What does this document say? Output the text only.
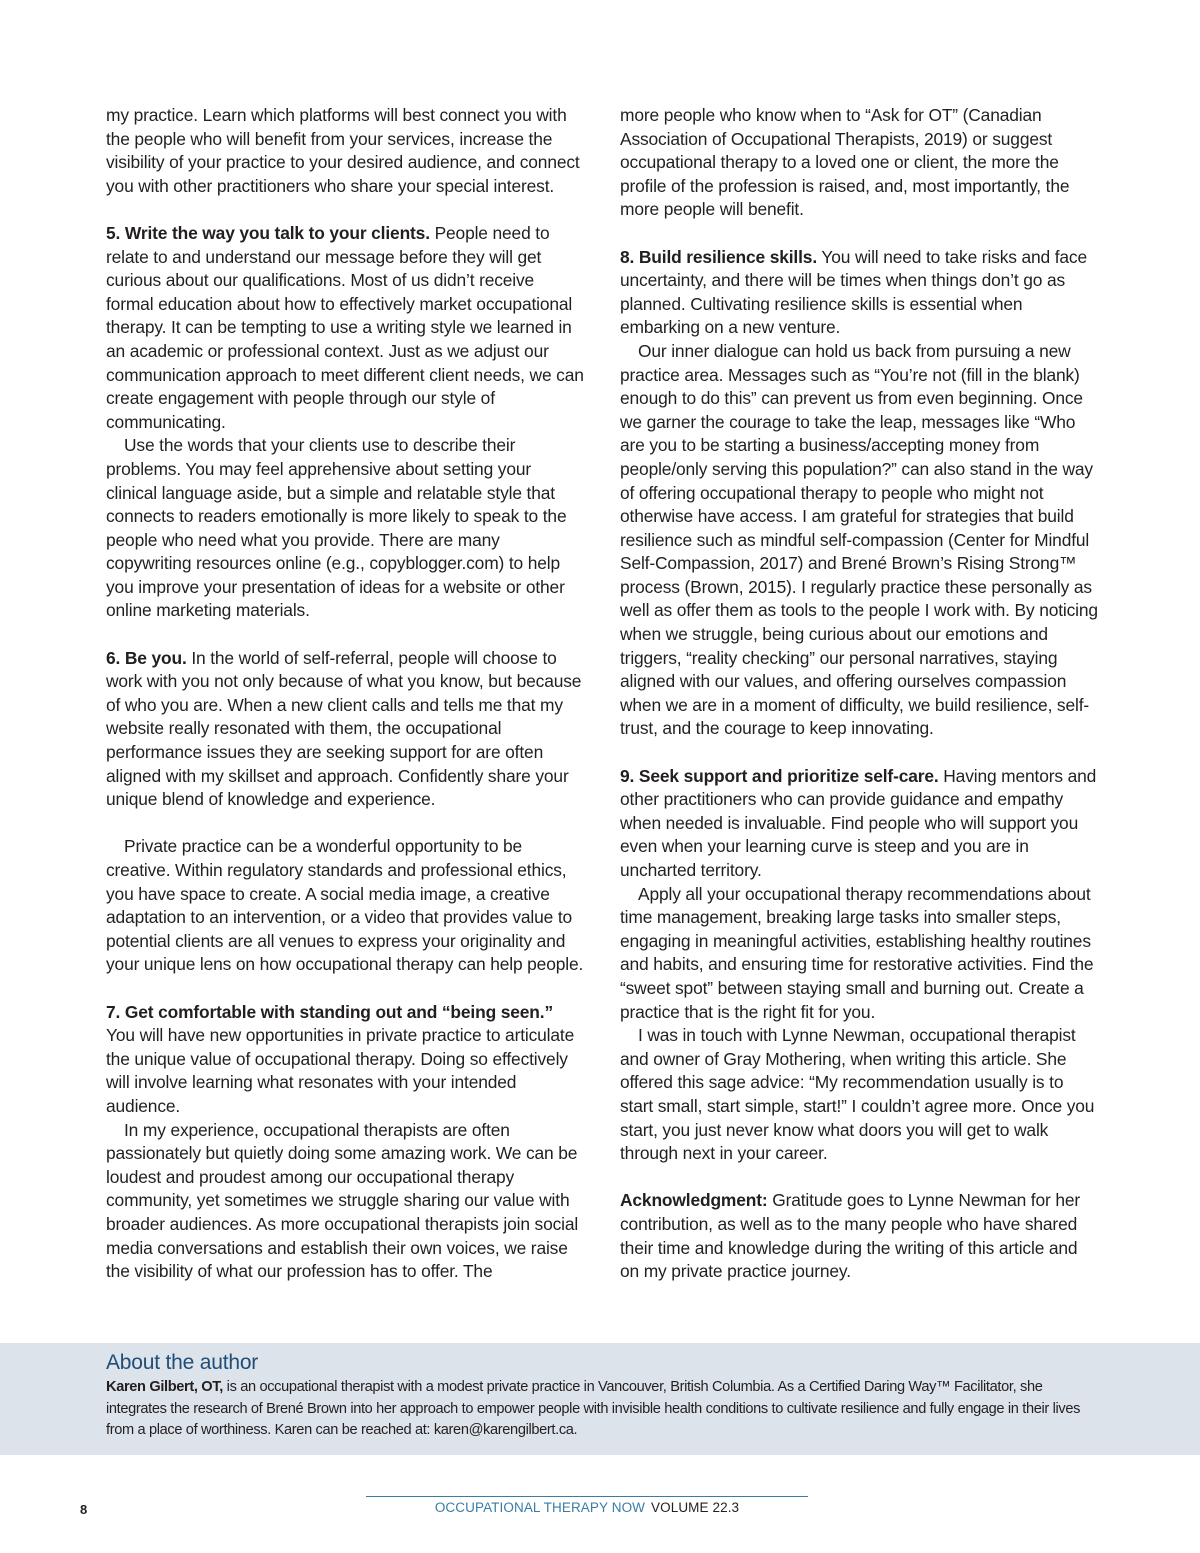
my practice. Learn which platforms will best connect you with the people who will benefit from your services, increase the visibility of your practice to your desired audience, and connect you with other practitioners who share your special interest.

5. Write the way you talk to your clients. People need to relate to and understand our message before they will get curious about our qualifications. Most of us didn’t receive formal education about how to effectively market occupational therapy. It can be tempting to use a writing style we learned in an academic or professional context. Just as we adjust our communication approach to meet different client needs, we can create engagement with people through our style of communicating.

Use the words that your clients use to describe their problems. You may feel apprehensive about setting your clinical language aside, but a simple and relatable style that connects to readers emotionally is more likely to speak to the people who need what you provide. There are many copywriting resources online (e.g., copyblogger.com) to help you improve your presentation of ideas for a website or other online marketing materials.

6. Be you. In the world of self-referral, people will choose to work with you not only because of what you know, but because of who you are. When a new client calls and tells me that my website really resonated with them, the occupational performance issues they are seeking support for are often aligned with my skillset and approach. Confidently share your unique blend of knowledge and experience.

Private practice can be a wonderful opportunity to be creative. Within regulatory standards and professional ethics, you have space to create. A social media image, a creative adaptation to an intervention, or a video that provides value to potential clients are all venues to express your originality and your unique lens on how occupational therapy can help people.

7. Get comfortable with standing out and “being seen.” You will have new opportunities in private practice to articulate the unique value of occupational therapy. Doing so effectively will involve learning what resonates with your intended audience.

In my experience, occupational therapists are often passionately but quietly doing some amazing work. We can be loudest and proudest among our occupational therapy community, yet sometimes we struggle sharing our value with broader audiences. As more occupational therapists join social media conversations and establish their own voices, we raise the visibility of what our profession has to offer. The

more people who know when to “Ask for OT” (Canadian Association of Occupational Therapists, 2019) or suggest occupational therapy to a loved one or client, the more the profile of the profession is raised, and, most importantly, the more people will benefit.

8. Build resilience skills. You will need to take risks and face uncertainty, and there will be times when things don’t go as planned. Cultivating resilience skills is essential when embarking on a new venture.

Our inner dialogue can hold us back from pursuing a new practice area. Messages such as “You’re not (fill in the blank) enough to do this” can prevent us from even beginning. Once we garner the courage to take the leap, messages like “Who are you to be starting a business/accepting money from people/only serving this population?” can also stand in the way of offering occupational therapy to people who might not otherwise have access. I am grateful for strategies that build resilience such as mindful self-compassion (Center for Mindful Self-Compassion, 2017) and Brené Brown’s Rising Strong™ process (Brown, 2015). I regularly practice these personally as well as offer them as tools to the people I work with. By noticing when we struggle, being curious about our emotions and triggers, “reality checking” our personal narratives, staying aligned with our values, and offering ourselves compassion when we are in a moment of difficulty, we build resilience, self-trust, and the courage to keep innovating.

9. Seek support and prioritize self-care. Having mentors and other practitioners who can provide guidance and empathy when needed is invaluable. Find people who will support you even when your learning curve is steep and you are in uncharted territory.

Apply all your occupational therapy recommendations about time management, breaking large tasks into smaller steps, engaging in meaningful activities, establishing healthy routines and habits, and ensuring time for restorative activities. Find the “sweet spot” between staying small and burning out. Create a practice that is the right fit for you.

I was in touch with Lynne Newman, occupational therapist and owner of Gray Mothering, when writing this article. She offered this sage advice: “My recommendation usually is to start small, start simple, start!” I couldn’t agree more. Once you start, you just never know what doors you will get to walk through next in your career.

Acknowledgment: Gratitude goes to Lynne Newman for her contribution, as well as to the many people who have shared their time and knowledge during the writing of this article and on my private practice journey.

About the author

Karen Gilbert, OT, is an occupational therapist with a modest private practice in Vancouver, British Columbia. As a Certified Daring Way™ Facilitator, she integrates the research of Brené Brown into her approach to empower people with invisible health conditions to cultivate resilience and fully engage in their lives from a place of worthiness. Karen can be reached at: karen@karengilbert.ca.

8	OCCUPATIONAL THERAPY NOW VOLUME 22.3
